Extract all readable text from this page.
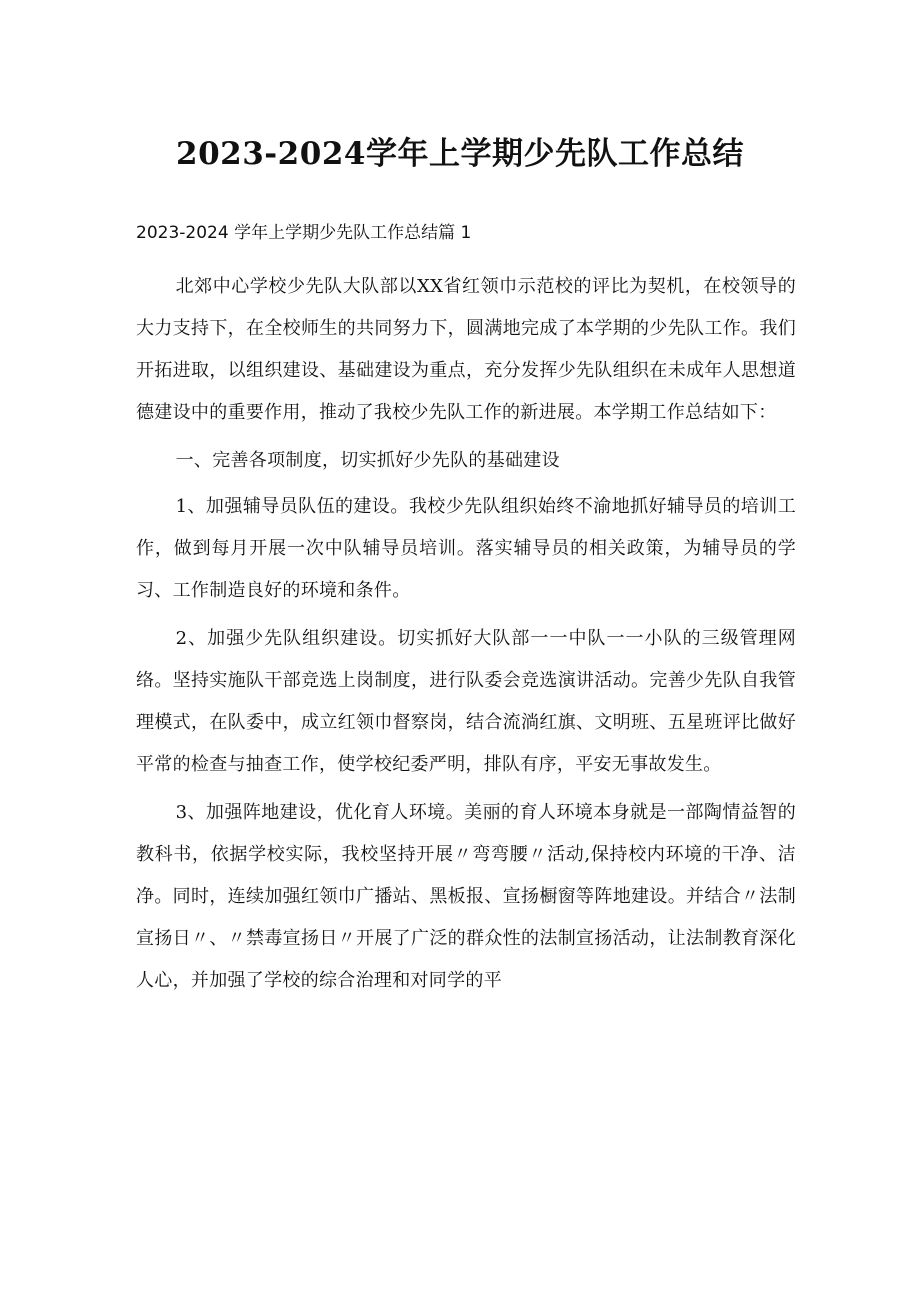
2023-2024学年上学期少先队工作总结

2023-2024 学年上学期少先队工作总结篇 1

北郊中心学校少先队大队部以XX省红领巾示范校的评比为契机，在校领导的大力支持下，在全校师生的共同努力下，圆满地完成了本学期的少先队工作。我们开拓进取，以组织建设、基础建设为重点，充分发挥少先队组织在未成年人思想道德建设中的重要作用，推动了我校少先队工作的新进展。本学期工作总结如下：

一、完善各项制度，切实抓好少先队的基础建设

1、加强辅导员队伍的建设。我校少先队组织始终不渝地抓好辅导员的培训工作，做到每月开展一次中队辅导员培训。落实辅导员的相关政策，为辅导员的学习、工作制造良好的环境和条件。

2、加强少先队组织建设。切实抓好大队部一一中队一一小队的三级管理网络。坚持实施队干部竞选上岗制度，进行队委会竞选演讲活动。完善少先队自我管理模式，在队委中，成立红领巾督察岗，结合流淌红旗、文明班、五星班评比做好平常的检查与抽查工作，使学校纪委严明，排队有序，平安无事故发生。

3、加强阵地建设，优化育人环境。美丽的育人环境本身就是一部陶情益智的教科书，依据学校实际，我校坚持开展〃弯弯腰〃活动,保持校内环境的干净、洁净。同时，连续加强红领巾广播站、黑板报、宣扬橱窗等阵地建设。并结合〃法制宣扬日〃、〃禁毒宣扬日〃开展了广泛的群众性的法制宣扬活动，让法制教育深化人心，并加强了学校的综合治理和对同学的平
